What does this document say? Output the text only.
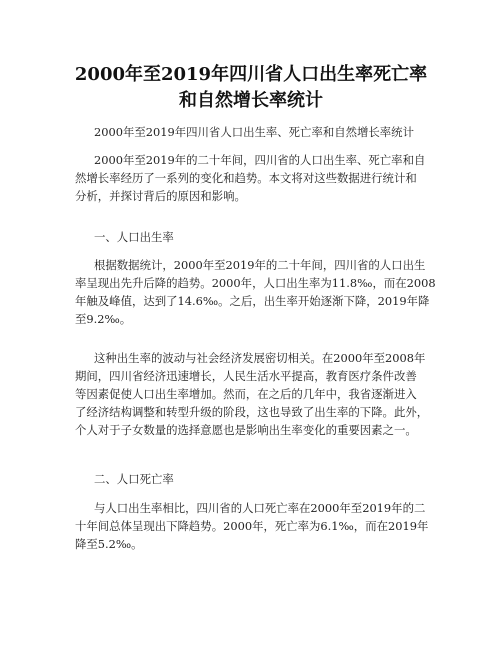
2000年至2019年四川省人口出生率死亡率
和自然增长率统计
2000年至2019年四川省人口出生率、死亡率和自然增长率统计
2000年至2019年的二十年间，四川省的人口出生率、死亡率和自
然增长率经历了一系列的变化和趋势。本文将对这些数据进行统计和
分析，并探讨背后的原因和影响。
一、人口出生率
根据数据统计，2000年至2019年的二十年间，四川省的人口出生
率呈现出先升后降的趋势。2000年，人口出生率为11.8‰，而在2008
年触及峰值，达到了14.6‰。之后，出生率开始逐渐下降，2019年降
至9.2‰。
这种出生率的波动与社会经济发展密切相关。在2000年至2008年
期间，四川省经济迅速增长，人民生活水平提高，教育医疗条件改善
等因素促使人口出生率增加。然而，在之后的几年中，我省逐渐进入
了经济结构调整和转型升级的阶段，这也导致了出生率的下降。此外，
个人对于子女数量的选择意愿也是影响出生率变化的重要因素之一。
二、人口死亡率
与人口出生率相比，四川省的人口死亡率在2000年至2019年的二
十年间总体呈现出下降趋势。2000年，死亡率为6.1‰，而在2019年
降至5.2‰。
